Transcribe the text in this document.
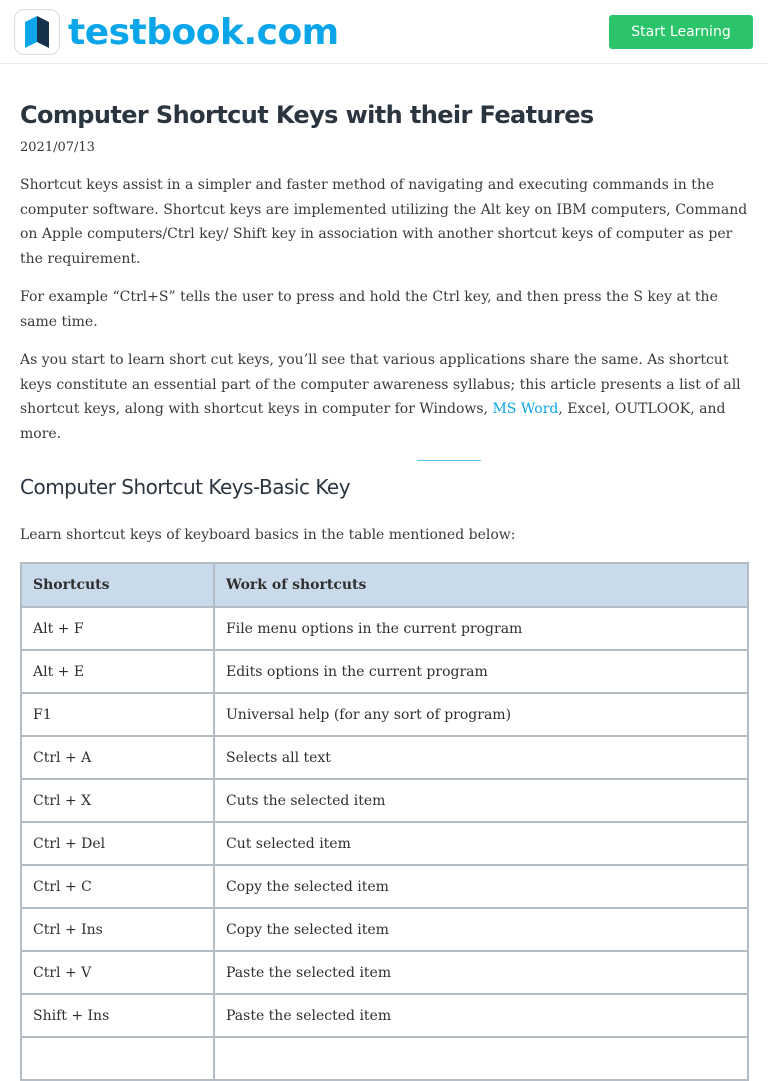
testbook.com	Start Learning
Computer Shortcut Keys with their Features
2021/07/13

Shortcut keys assist in a simpler and faster method of navigating and executing commands in the computer software. Shortcut keys are implemented utilizing the Alt key on IBM computers, Command on Apple computers/Ctrl key/ Shift key in association with another shortcut keys of computer as per the requirement.

For example “Ctrl+S” tells the user to press and hold the Ctrl key, and then press the S key at the same time.

As you start to learn short cut keys, you’ll see that various applications share the same. As shortcut keys constitute an essential part of the computer awareness syllabus; this article presents a list of all shortcut keys, along with shortcut keys in computer for Windows, MS Word, Excel, OUTLOOK, and more.

Computer Shortcut Keys-Basic Key
Learn shortcut keys of keyboard basics in the table mentioned below:
Shortcuts	Work of shortcuts
Alt + F	File menu options in the current program
Alt + E	Edits options in the current program
F1	Universal help (for any sort of program)
Ctrl + A	Selects all text
Ctrl + X	Cuts the selected item
Ctrl + Del	Cut selected item
Ctrl + C	Copy the selected item
Ctrl + Ins	Copy the selected item
Ctrl + V	Paste the selected item
Shift + Ins	Paste the selected item
